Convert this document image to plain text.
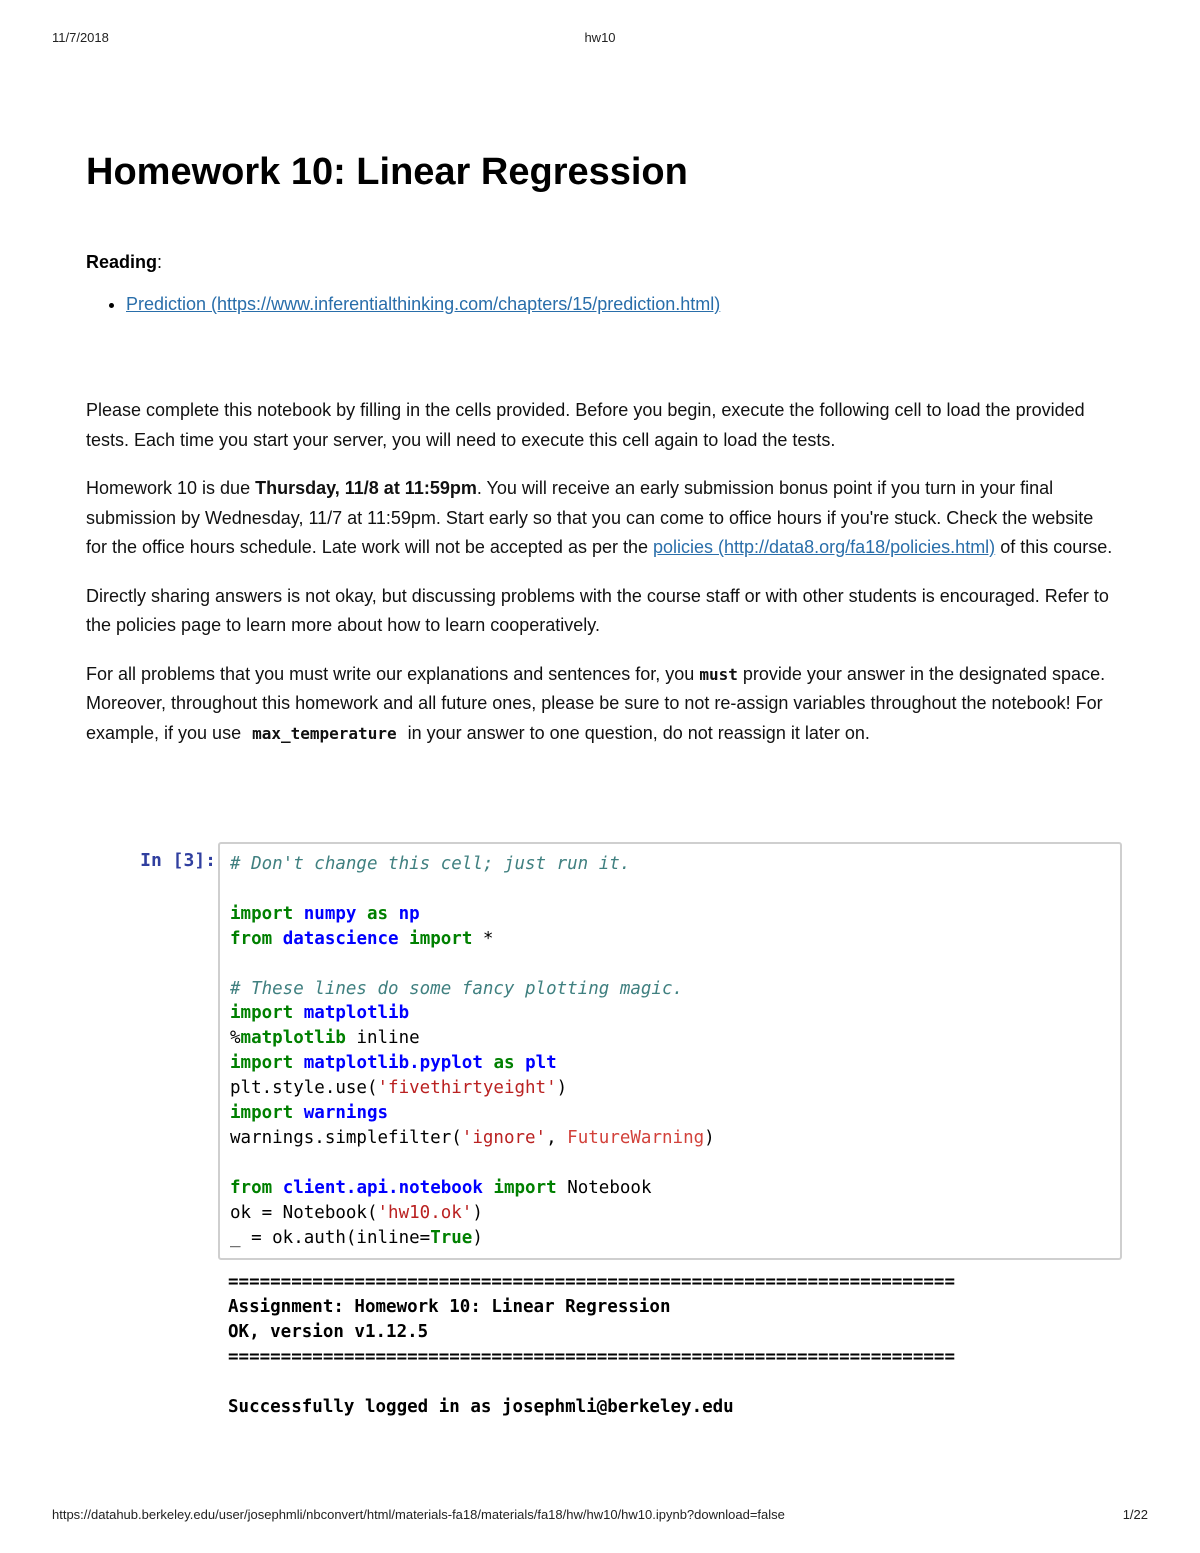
11/7/2018	hw10
Homework 10: Linear Regression

Reading:

• Prediction (https://www.inferentialthinking.com/chapters/15/prediction.html)

Please complete this notebook by filling in the cells provided. Before you begin, execute the following cell to load the provided tests. Each time you start your server, you will need to execute this cell again to load the tests.

Homework 10 is due Thursday, 11/8 at 11:59pm. You will receive an early submission bonus point if you turn in your final submission by Wednesday, 11/7 at 11:59pm. Start early so that you can come to office hours if you're stuck. Check the website for the office hours schedule. Late work will not be accepted as per the policies (http://data8.org/fa18/policies.html) of this course.

Directly sharing answers is not okay, but discussing problems with the course staff or with other students is encouraged. Refer to the policies page to learn more about how to learn cooperatively.

For all problems that you must write our explanations and sentences for, you must provide your answer in the designated space. Moreover, throughout this homework and all future ones, please be sure to not re-assign variables throughout the notebook! For example, if you use max_temperature in your answer to one question, do not reassign it later on.

In [3]: # Don't change this cell; just run it.

import numpy as np
from datascience import *

# These lines do some fancy plotting magic.
import matplotlib
%matplotlib inline
import matplotlib.pyplot as plt
plt.style.use('fivethirtyeight')
import warnings
warnings.simplefilter('ignore', FutureWarning)

from client.api.notebook import Notebook
ok = Notebook('hw10.ok')
_ = ok.auth(inline=True)
=====================================================================
Assignment: Homework 10: Linear Regression
OK, version v1.12.5
=====================================================================

Successfully logged in as josephmli@berkeley.edu
https://datahub.berkeley.edu/user/josephmli/nbconvert/html/materials-fa18/materials/fa18/hw/hw10/hw10.ipynb?download=false	1/22
